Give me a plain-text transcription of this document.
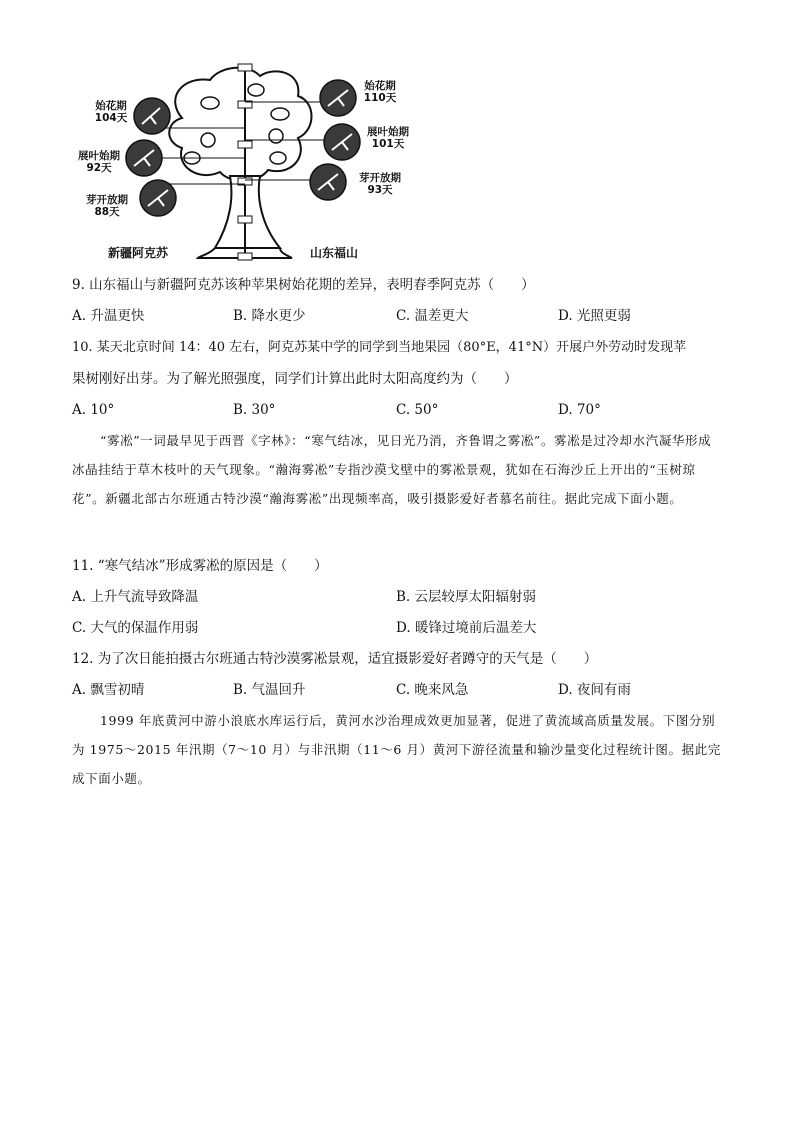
始花期
104天
展叶始期
92天
芽开放期
88天
始花期
110天
展叶始期
101天
芽开放期
93天
新疆阿克苏	山东福山
9. 山东福山与新疆阿克苏该种苹果树始花期的差异，表明春季阿克苏（　　）
A. 升温更快	B. 降水更少	C. 温差更大	D. 光照更弱
10. 某天北京时间 14：40 左右，阿克苏某中学的同学到当地果园（80°E，41°N）开展户外劳动时发现苹
果树刚好出芽。为了解光照强度，同学们计算出此时太阳高度约为（　　）
A. 10°	B. 30°	C. 50°	D. 70°
“雾凇”一词最早见于西晋《字林》：“寒气结冰，见日光乃消，齐鲁谓之雾凇”。雾凇是过冷却水汽凝华形成冰晶挂结于草木枝叶的天气现象。“瀚海雾凇”专指沙漠戈壁中的雾凇景观，犹如在石海沙丘上开出的“玉树琼花”。新疆北部古尔班通古特沙漠“瀚海雾凇”出现频率高，吸引摄影爱好者慕名前往。据此完成下面小题。
11. “寒气结冰”形成雾凇的原因是（　　）
A. 上升气流导致降温	B. 云层较厚太阳辐射弱
C. 大气的保温作用弱	D. 暖锋过境前后温差大
12. 为了次日能拍摄古尔班通古特沙漠雾凇景观，适宜摄影爱好者蹲守的天气是（　　）
A. 飘雪初晴	B. 气温回升	C. 晚来风急	D. 夜间有雨
1999 年底黄河中游小浪底水库运行后，黄河水沙治理成效更加显著，促进了黄流域高质量发展。下图分别为 1975～2015 年汛期（7～10 月）与非汛期（11～6 月）黄河下游径流量和输沙量变化过程统计图。据此完成下面小题。
